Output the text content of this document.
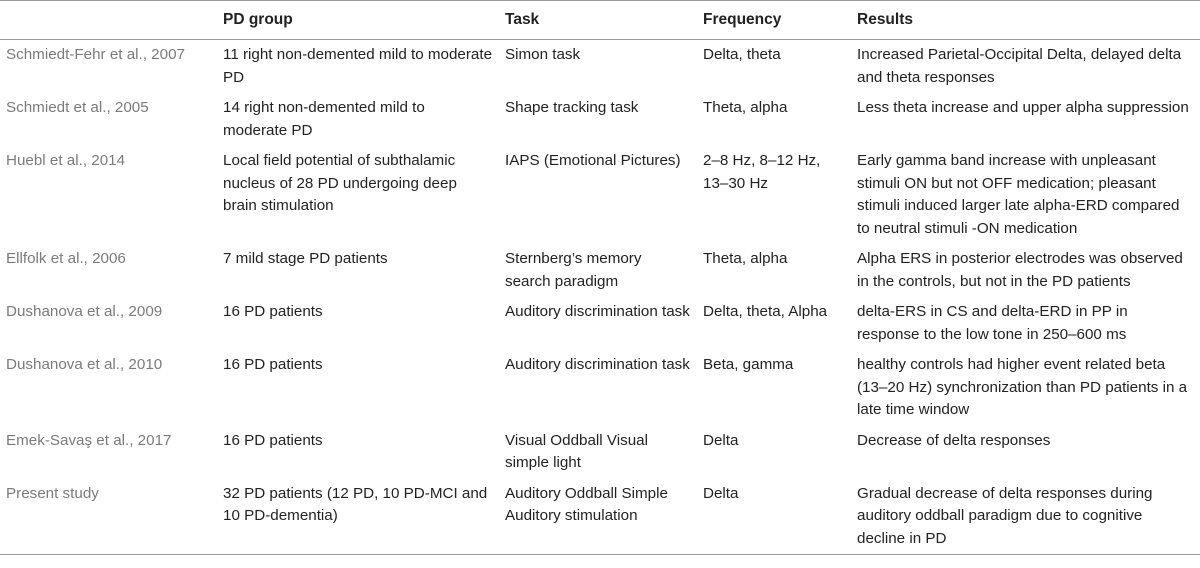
	PD group	Task	Frequency	Results
Schmiedt-Fehr et al., 2007	11 right non-demented mild to moderate PD	Simon task	Delta, theta	Increased Parietal-Occipital Delta, delayed delta and theta responses
Schmiedt et al., 2005	14 right non-demented mild to moderate PD	Shape tracking task	Theta, alpha	Less theta increase and upper alpha suppression
Huebl et al., 2014	Local field potential of subthalamic nucleus of 28 PD undergoing deep brain stimulation	IAPS (Emotional Pictures)	2–8 Hz, 8–12 Hz, 13–30 Hz	Early gamma band increase with unpleasant stimuli ON but not OFF medication; pleasant stimuli induced larger late alpha-ERD compared to neutral stimuli -ON medication
Ellfolk et al., 2006	7 mild stage PD patients	Sternberg’s memory search paradigm	Theta, alpha	Alpha ERS in posterior electrodes was observed in the controls, but not in the PD patients
Dushanova et al., 2009	16 PD patients	Auditory discrimination task	Delta, theta, Alpha	delta-ERS in CS and delta-ERD in PP in response to the low tone in 250–600 ms
Dushanova et al., 2010	16 PD patients	Auditory discrimination task	Beta, gamma	healthy controls had higher event related beta (13–20 Hz) synchronization than PD patients in a late time window
Emek-Savaş et al., 2017	16 PD patients	Visual Oddball Visual simple light	Delta	Decrease of delta responses
Present study	32 PD patients (12 PD, 10 PD-MCI and 10 PD-dementia)	Auditory Oddball Simple Auditory stimulation	Delta	Gradual decrease of delta responses during auditory oddball paradigm due to cognitive decline in PD
